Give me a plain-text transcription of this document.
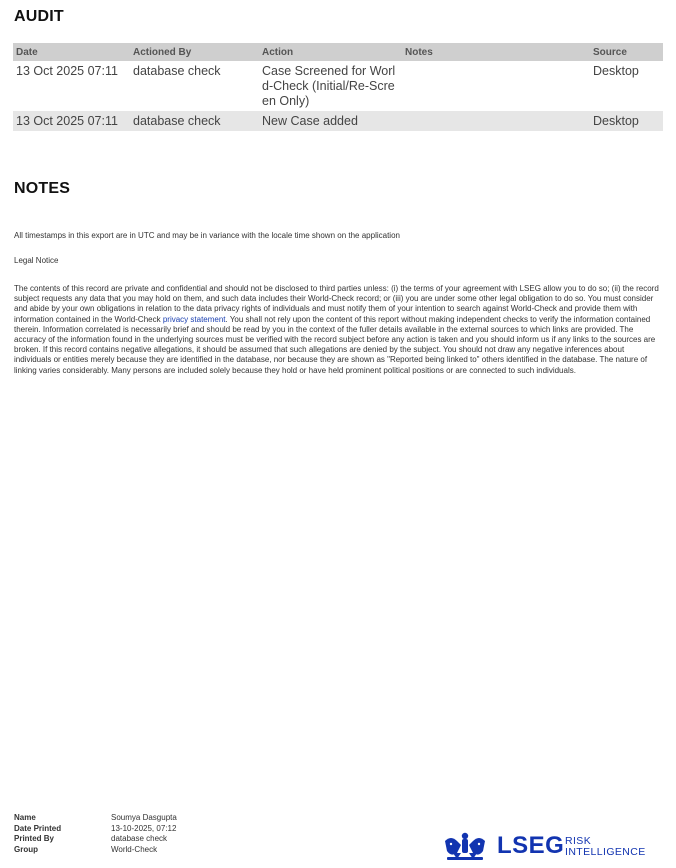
AUDIT
Date	Actioned By	Action	Notes	Source
13 Oct 2025 07:11	database check	Case Screened for World-Check (Initial/Re-Screen Only)		Desktop
13 Oct 2025 07:11	database check	New Case added		Desktop
NOTES
All timestamps in this export are in UTC and may be in variance with the locale time shown on the application
Legal Notice
The contents of this record are private and confidential and should not be disclosed to third parties unless: (i) the terms of your agreement with LSEG allow you to do so; (ii) the record subject requests any data that you may hold on them, and such data includes their World-Check record; or (iii) you are under some other legal obligation to do so. You must consider and abide by your own obligations in relation to the data privacy rights of individuals and must notify them of your intention to search against World-Check and provide them with information contained in the World-Check privacy statement. You shall not rely upon the content of this report without making independent checks to verify the information contained therein. Information correlated is necessarily brief and should be read by you in the context of the fuller details available in the external sources to which links are provided. The accuracy of the information found in the underlying sources must be verified with the record subject before any action is taken and you should inform us if any links to the sources are broken. If this record contains negative allegations, it should be assumed that such allegations are denied by the subject. You should not draw any negative inferences about individuals or entities merely because they are identified in the database, nor because they are shown as "Reported being linked to" others identified in the database. The nature of linking varies considerably. Many persons are included solely because they hold or have held prominent political positions or are connected to such individuals.
Name	Soumya Dasgupta
Date Printed	13-10-2025, 07:12
Printed By	database check
Group	World-Check	LSEG RISK
INTELLIGENCE
